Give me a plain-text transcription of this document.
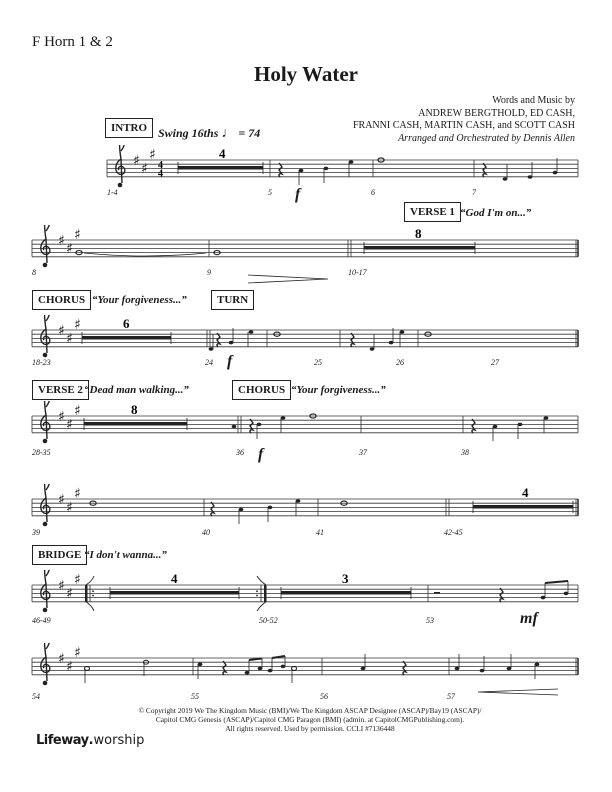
F Horn 1 & 2
Holy Water
Words and Music by
ANDREW BERGTHOLD, ED CASH,
FRANNI CASH, MARTIN CASH, and SCOTT CASH
Arranged and Orchestrated by Dennis Allen
INTRO Swing 16ths ♩ = 74
4
4
4
1-4	5	6	7
f
VERSE 1 “God I'm on...”
8
8	9	10-17
CHORUS “Your forgiveness...”	TURN
6
18-23	24	25	26	27
f
VERSE 2 “Dead man walking...”	CHORUS “Your forgiveness...”
8
28-35	36	37	38
f
4
39	40	41	42-45
BRIDGE “I don't wanna...”
4	3
46-49	50-52	53	mf
54	55	56	57
© Copyright 2019 We The Kingdom Music (BMI)/We The Kingdom ASCAP Designee (ASCAP)/Bay19 (ASCAP)/
Capitol CMG Genesis (ASCAP)/Capitol CMG Paragon (BMI) (admin. at CapitolCMGPublishing.com).
All rights reserved. Used by permission. CCLI #7136448
Lifeway.worship
